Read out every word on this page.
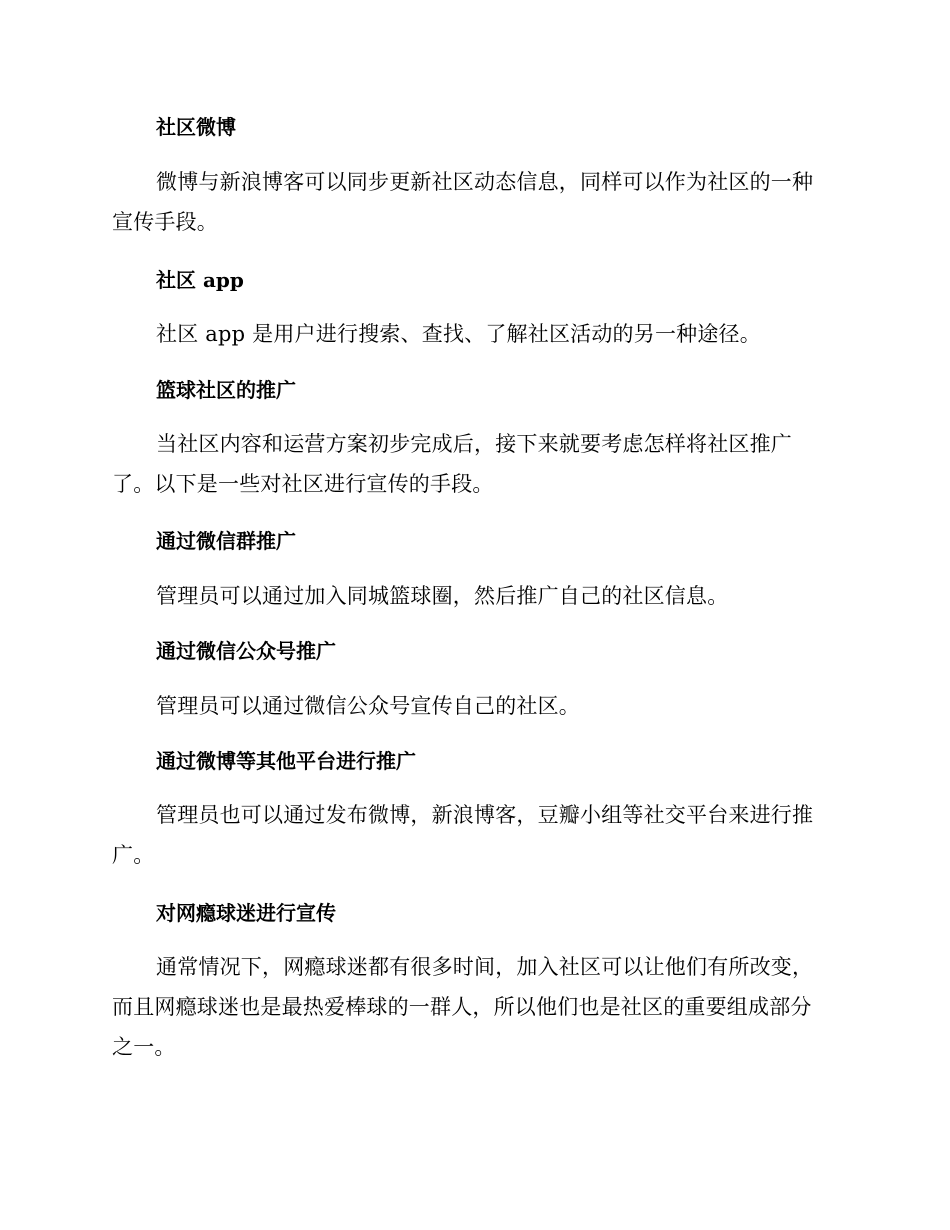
社区微博
微博与新浪博客可以同步更新社区动态信息，同样可以作为社区的一种宣传手段。
社区 app
社区 app 是用户进行搜索、查找、了解社区活动的另一种途径。
篮球社区的推广
当社区内容和运营方案初步完成后，接下来就要考虑怎样将社区推广了。以下是一些对社区进行宣传的手段。
通过微信群推广
管理员可以通过加入同城篮球圈，然后推广自己的社区信息。
通过微信公众号推广
管理员可以通过微信公众号宣传自己的社区。
通过微博等其他平台进行推广
管理员也可以通过发布微博，新浪博客，豆瓣小组等社交平台来进行推广。
对网瘾球迷进行宣传
通常情况下，网瘾球迷都有很多时间，加入社区可以让他们有所改变，而且网瘾球迷也是最热爱棒球的一群人，所以他们也是社区的重要组成部分之一。
